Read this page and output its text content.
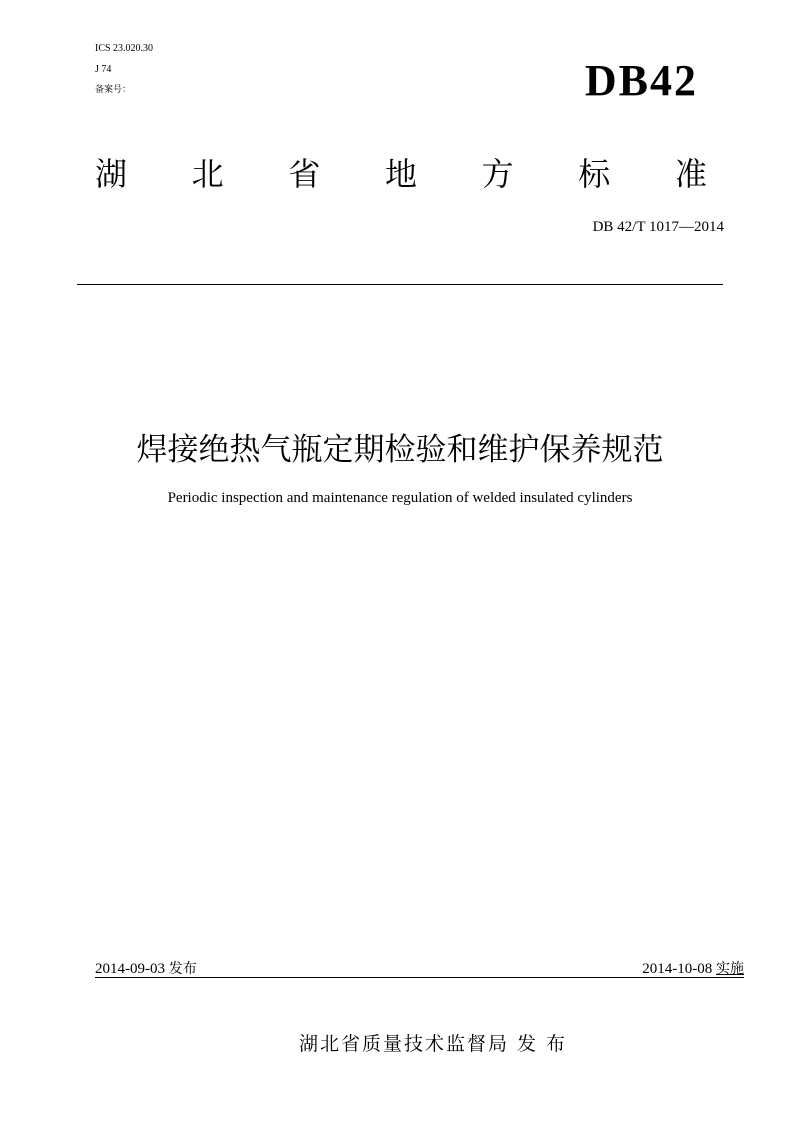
ICS 23.020.30
J 74
备案号：	DB42
湖 北 省 地 方 标 准
DB 42/T 1017—2014
焊接绝热气瓶定期检验和维护保养规范
Periodic inspection and maintenance regulation of welded insulated cylinders
2014-09-03 发布	2014-10-08 实施
湖北省质量技术监督局 发 布
